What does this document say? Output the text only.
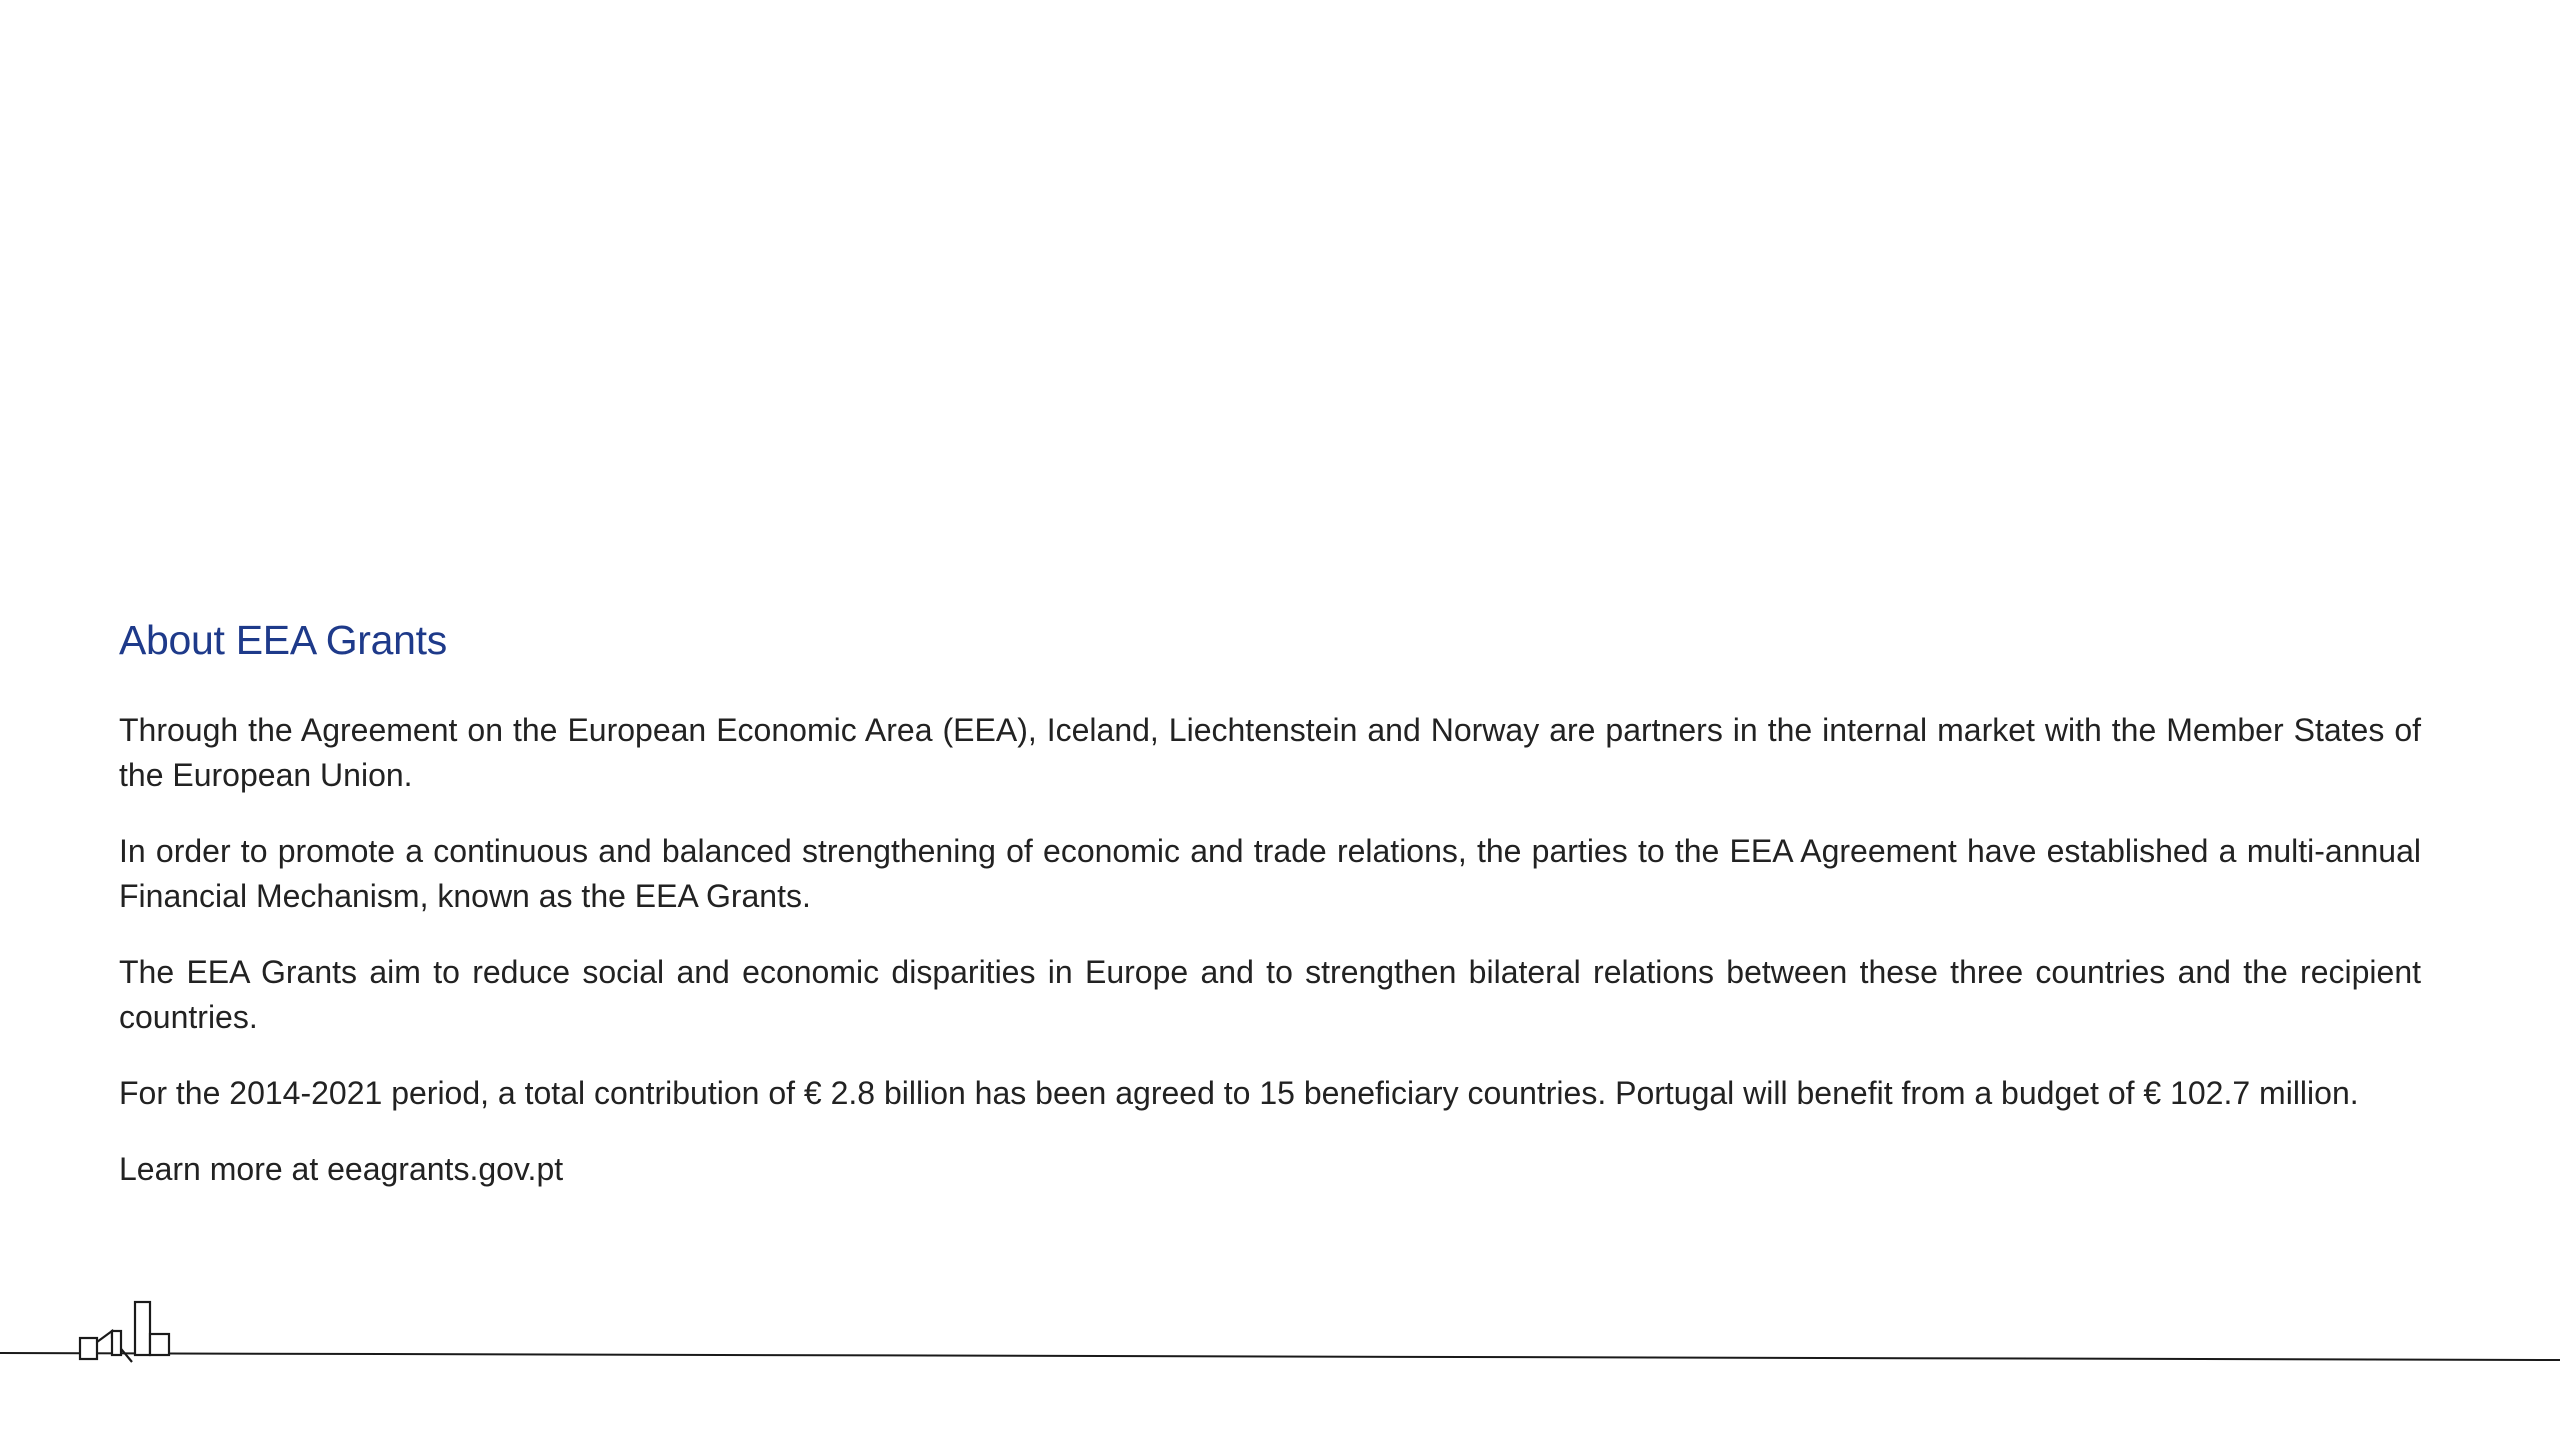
About EEA Grants

Through the Agreement on the European Economic Area (EEA), Iceland, Liechtenstein and Norway are partners in the internal market with the Member States of the European Union.

In order to promote a continuous and balanced strengthening of economic and trade relations, the parties to the EEA Agreement have established a multi-annual Financial Mechanism, known as the EEA Grants.

The EEA Grants aim to reduce social and economic disparities in Europe and to strengthen bilateral relations between these three countries and the recipient countries.

For the 2014-2021 period, a total contribution of € 2.8 billion has been agreed to 15 beneficiary countries. Portugal will benefit from a budget of € 102.7 million.

Learn more at eeagrants.gov.pt
